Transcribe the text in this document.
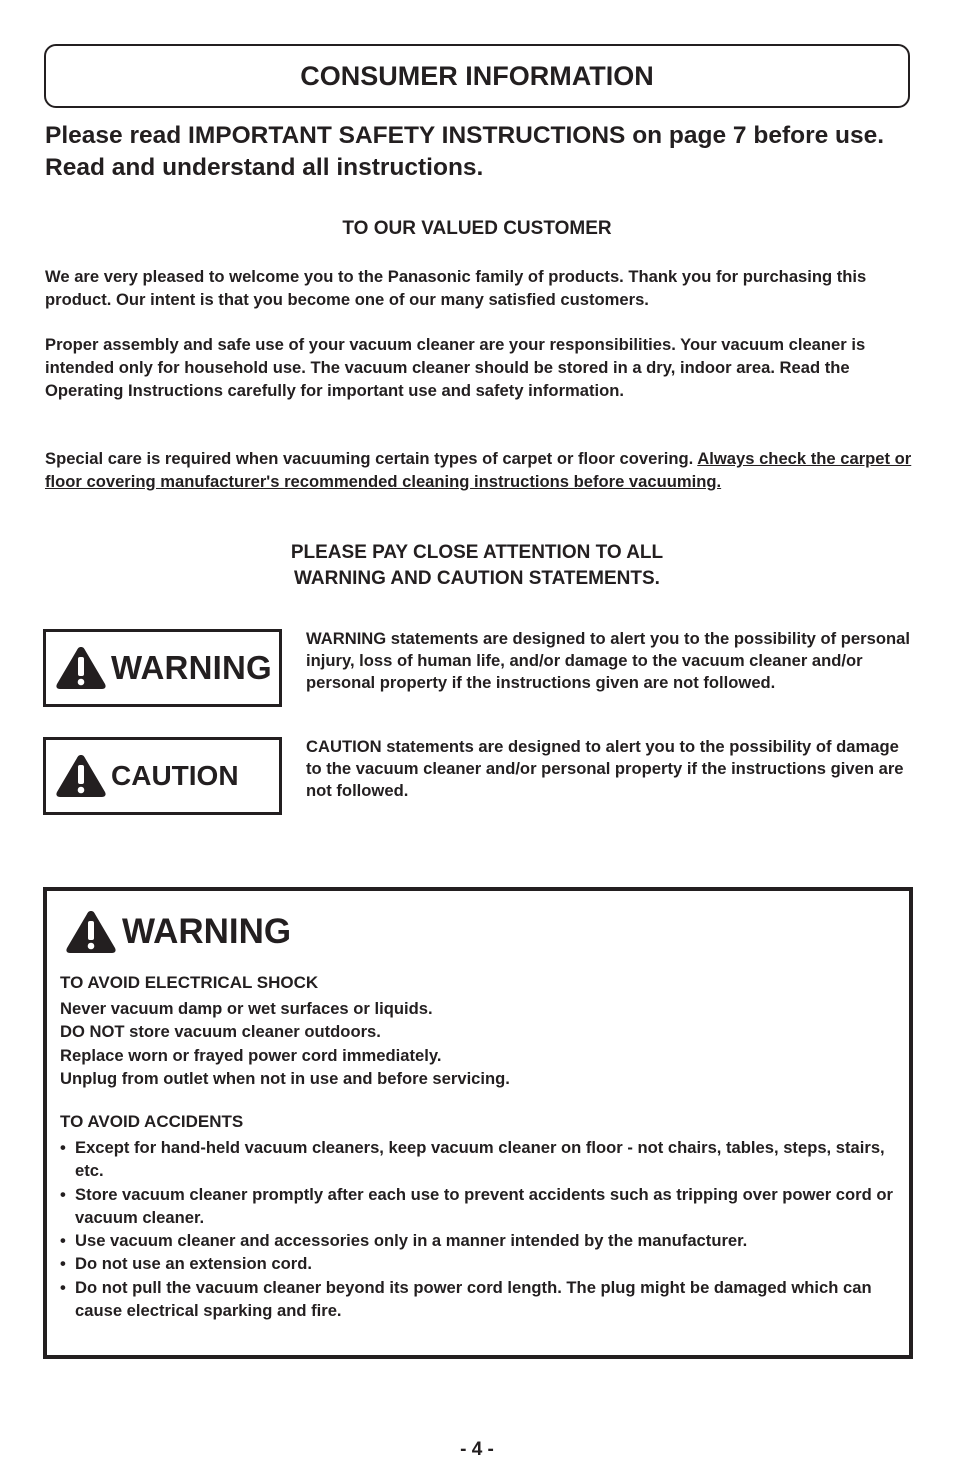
CONSUMER INFORMATION
Please read IMPORTANT SAFETY INSTRUCTIONS on page 7 before use. Read and understand all instructions.
TO OUR VALUED CUSTOMER
We are very pleased to welcome you to the Panasonic family of products. Thank you for purchasing this product. Our intent is that you become one of our many satisfied customers.
Proper assembly and safe use of your vacuum cleaner are your responsibilities. Your vacuum cleaner is intended only for household use. The vacuum cleaner should be stored in a dry, indoor area. Read the Operating Instructions carefully for important use and safety information.
Special care is required when vacuuming certain types of carpet or floor covering. Always check the carpet or floor covering manufacturer's recommended cleaning instructions before vacuuming.
PLEASE PAY CLOSE ATTENTION TO ALL
WARNING AND CAUTION STATEMENTS.
WARNING
WARNING statements are designed to alert you to the possibility of personal injury, loss of human life, and/or damage to the vacuum cleaner and/or personal property if the instructions given are not followed.
CAUTION
CAUTION statements are designed to alert you to the possibility of damage to the vacuum cleaner and/or personal property if the instructions given are not followed.
WARNING
TO AVOID ELECTRICAL SHOCK
Never vacuum damp or wet surfaces or liquids.
DO NOT store vacuum cleaner outdoors.
Replace worn or frayed power cord immediately.
Unplug from outlet when not in use and before servicing.
TO AVOID ACCIDENTS
• Except for hand-held vacuum cleaners, keep vacuum cleaner on floor - not chairs, tables, steps, stairs, etc.
• Store vacuum cleaner promptly after each use to prevent accidents such as tripping over power cord or vacuum cleaner.
• Use vacuum cleaner and accessories only in a manner intended by the manufacturer.
• Do not use an extension cord.
• Do not pull the vacuum cleaner beyond its power cord length. The plug might be damaged which can cause electrical sparking and fire.
- 4 -
